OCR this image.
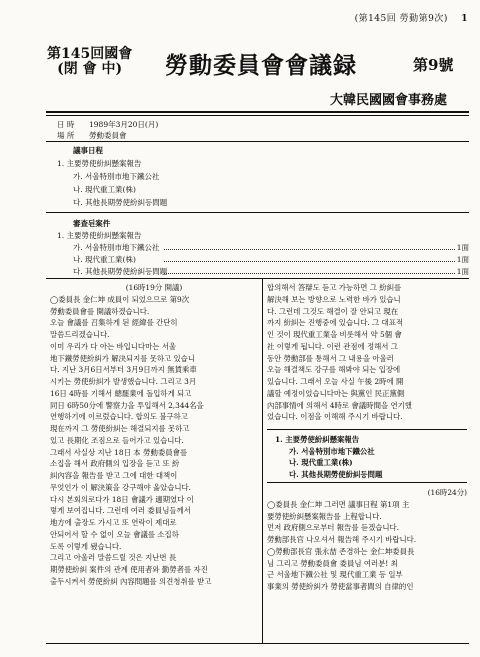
(第145回 勞動第9次) 1
第145回國會
(閉 會 中)	勞動委員會會議録	第9號
大韓民國國會事務處
日 時 1989年3月20日(月)
場 所 勞動委員會
議事日程
1. 主要勞使紛糾懸案報告
가. 서울特別市地下鐵公社
나. 現代重工業(株)
다. 其他長期勞使紛糾등問題
審查된案件
1. 主要勞使紛糾懸案報告
가. 서울特別市地下鐵公社	1面
나. 現代重工業(株)	1面
다. 其他長期勞使紛糾등問題	1面
(16時19分 開議)
◯委員長 金仁坤 成員이 되었으므로 第9次
勞動委員會를 開議하겠습니다.
오늘 會議를 召集하게 된 經緯를 간단히
말씀드리겠습니다.
이미 우리가 다 아는 바입니다마는 서울
地下鐵勞使紛糾가 解決되지를 못하고 있습니
다. 지난 3月6日서부터 3月9日까지 無賃乘車
시키는 勞使紛糾가 발생했습니다. 그리고 3月
16日 4時를 기해서 總罷業에 돌입하게 되고
同日 6時50分에 警察力을 투입해서 2,344名을
연행하기에 이르렀습니다. 합의도 불구하고
現在까지 그 勞使紛糾는 해결되지를 못하고
있고 長期化 조짐으로 들어가고 있습니다.
그래서 사실상 지난 18日 本 勞動委員會를
소집을 해서 政府側의 입장을 듣고 또 紛
糾內容을 報告를 받고 그에 대한 대책이
무엇인가 이 解決策을 강구해야 옳았습니다.
다시 본회의로다가 18日 會議가 適期였다 이
렇게 보여집니다. 그런데 여러 委員님들께서
地方에 출장도 가시고 또 연락이 제대로
안되어서 할 수 없이 오늘 會議를 소집하
도록 이렇게 됐습니다.
그리고 아울러 말씀드릴 것은 지난번 長
期勞使紛糾 案件의 관계 使用者와 勤勞者를 자진
출두시켜서 勞使紛糾 內容問題를 의견청취를 받고
합의해서 答辯도 듣고 가능하면 그 紛糾를
解決해 보는 방향으로 노력한 바가 있습니
다. 그런데 그것도 해결이 잘 안되고 現在
까지 紛糾는 진행중에 있습니다. 그 대표적
인 것이 現代重工業을 비롯해서 약 5個 會
社 이렇게 됩니다. 이런 관점에 정해서 그
동안 勞動部를 통해서 그 내용을 아울러
오늘 해결책도 강구를 해봐야 되는 입장에
있습니다. 그래서 오늘 사실 午後 2時에 開
議할 예정이었습니다마는 與黨인 民正黨側
內部事情에 의해서 4時로 會議時間을 연기했
었습니다. 이점을 이해해 주시기 바랍니다.
1. 主要勞使紛糾懸案報告
가. 서울特別市地下鐵公社
나. 現代重工業(株)
다. 其他長期勞使紛糾등問題
(16時24分)
◯委員長 金仁坤 그러면 議事日程 第1項 主
要勞使紛糾懸案報告를 上程합니다.
먼저 政府側으로부터 報告를 듣겠습니다.
勞動部長官 나오셔서 報告해 주시기 바랍니다.
◯勞動部長官 張永喆 존경하는 金仁坤委員長
님 그리고 勞動委員會 委員님 여러분! 최
근 서울地下鐵公社 및 現代重工業 등 일부
事業의 勞使紛糾가 勞使當事者間의 自律的인
